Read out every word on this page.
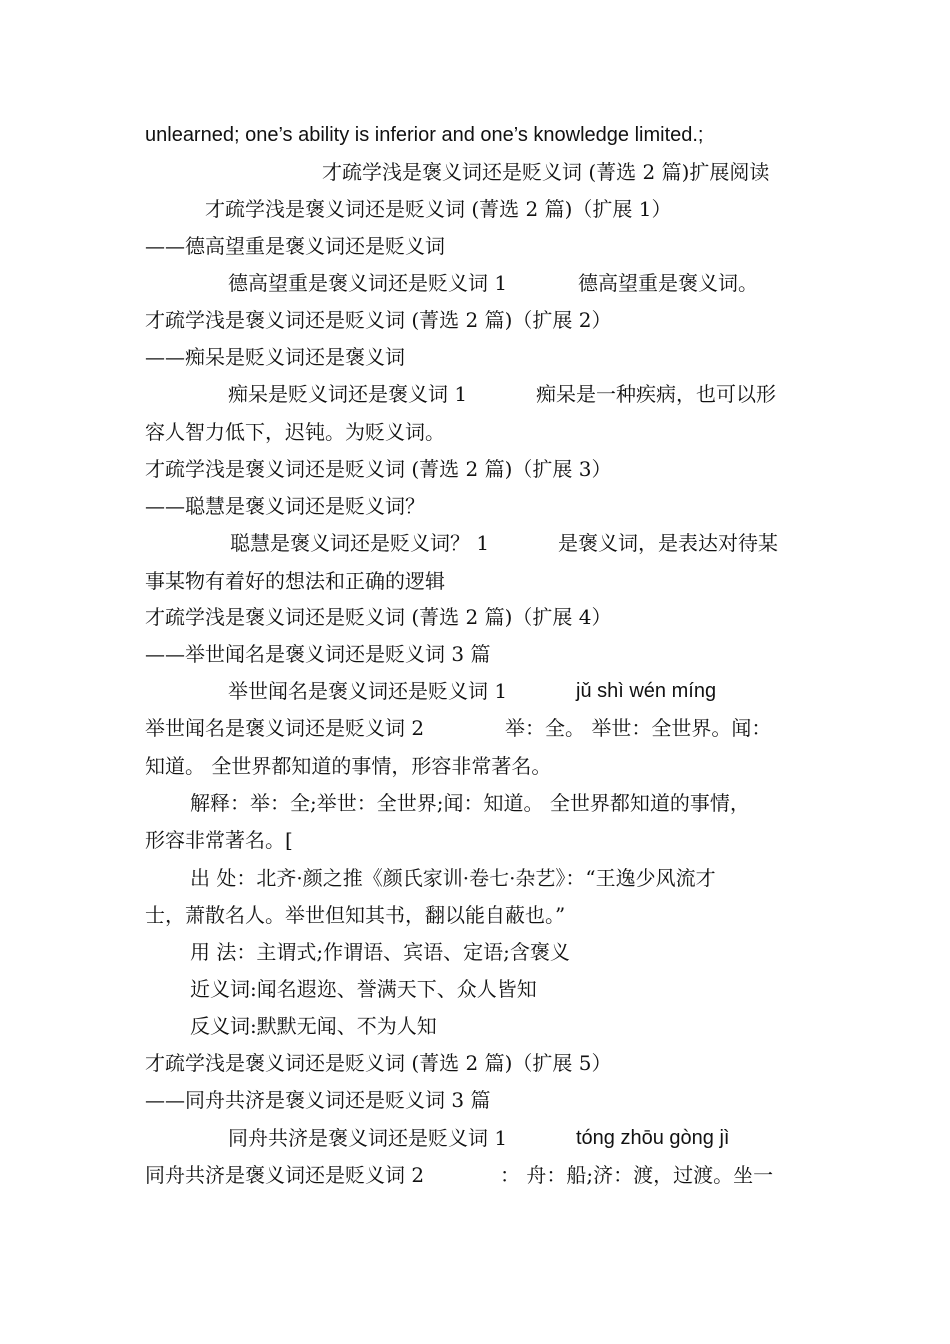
unlearned; one’s ability is inferior and one’s knowledge limited.;
才疏学浅是褒义词还是贬义词 (菁选 2 篇)扩展阅读
才疏学浅是褒义词还是贬义词 (菁选 2 篇)（扩展 1）
——德高望重是褒义词还是贬义词
德高望重是褒义词还是贬义词 1	德高望重是褒义词。
才疏学浅是褒义词还是贬义词 (菁选 2 篇)（扩展 2）
——痴呆是贬义词还是褒义词
痴呆是贬义词还是褒义词 1	痴呆是一种疾病，也可以形
容人智力低下，迟钝。为贬义词。
才疏学浅是褒义词还是贬义词 (菁选 2 篇)（扩展 3）
——聪慧是褒义词还是贬义词？
聪慧是褒义词还是贬义词？ 1	是褒义词，是表达对待某
事某物有着好的想法和正确的逻辑
才疏学浅是褒义词还是贬义词 (菁选 2 篇)（扩展 4）
——举世闻名是褒义词还是贬义词 3 篇
举世闻名是褒义词还是贬义词 1	jǔ shì wén míng
举世闻名是褒义词还是贬义词 2	举：全。 举世：全世界。闻：
知道。 全世界都知道的事情，形容非常著名。
解释：举：全;举世：全世界;闻：知道。 全世界都知道的事情，
形容非常著名。[
出 处：北齐·颜之推《颜氏家训·卷七·杂艺》：“王逸少风流才
士，萧散名人。举世但知其书，翻以能自蔽也。”
用 法：主谓式;作谓语、宾语、定语;含褒义
近义词:闻名遐迩、誉满天下、众人皆知
反义词:默默无闻、不为人知
才疏学浅是褒义词还是贬义词 (菁选 2 篇)（扩展 5）
——同舟共济是褒义词还是贬义词 3 篇
同舟共济是褒义词还是贬义词 1	tóng zhōu gòng jì
同舟共济是褒义词还是贬义词 2	： 舟：船;济：渡，过渡。坐一
